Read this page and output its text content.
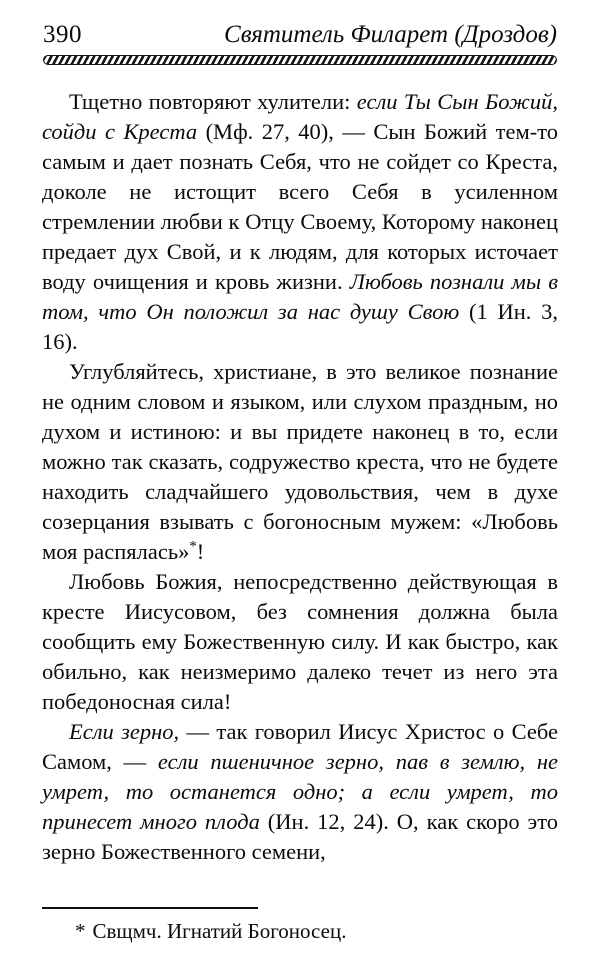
390	Святитель Филарет (Дроздов)

Тщетно повторяют хулители: если Ты Сын Божий, сойди с Креста (Мф. 27, 40), — Сын Божий тем-то самым и дает познать Себя, что не сойдет со Креста, доколе не истощит всего Себя в усиленном стремлении любви к Отцу Своему, Которому наконец предает дух Свой, и к людям, для которых источает воду очищения и кровь жизни. Любовь познали мы в том, что Он положил за нас душу Свою (1 Ин. 3, 16).

Углубляйтесь, христиане, в это великое познание не одним словом и языком, или слухом праздным, но духом и истиною: и вы придете наконец в то, если можно так сказать, содружество креста, что не будете находить сладчайшего удовольствия, чем в духе созерцания взывать с богоносным мужем: «Любовь моя распялась»*!

Любовь Божия, непосредственно действующая в кресте Иисусовом, без сомнения должна была сообщить ему Божественную силу. И как быстро, как обильно, как неизмеримо далеко течет из него эта победоносная сила!

Если зерно, — так говорил Иисус Христос о Себе Самом, — если пшеничное зерно, пав в землю, не умрет, то останется одно; а если умрет, то принесет много плода (Ин. 12, 24). О, как скоро это зерно Божественного семени,

* Свщмч. Игнатий Богоносец.
